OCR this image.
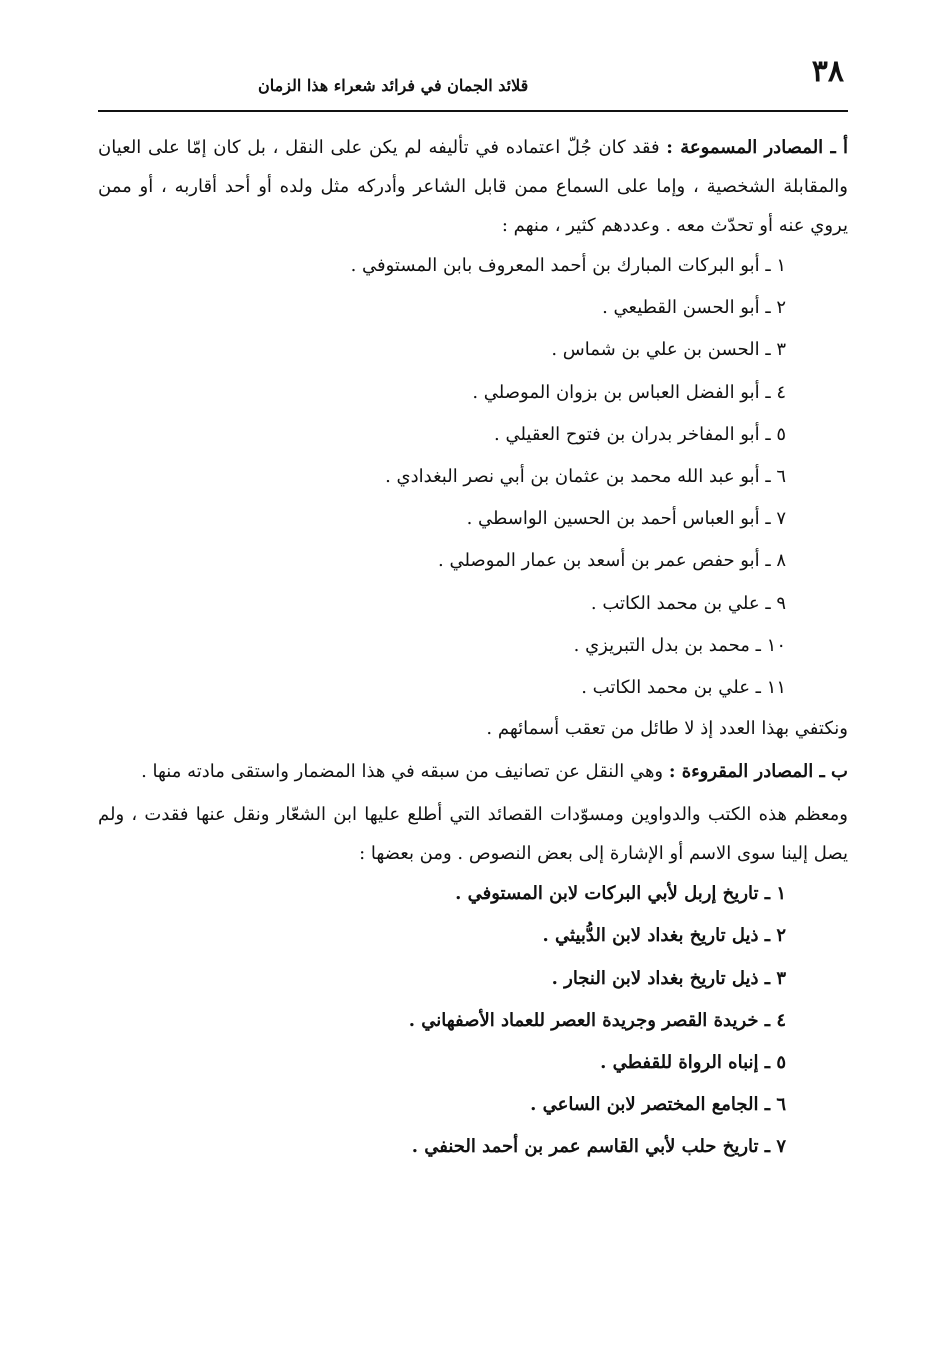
٣٨
قلائد الجمان في فرائد شعراء هذا الزمان

أ ـ المصادر المسموعة : فقد كان جُلّ اعتماده في تأليفه لم يكن على النقل ، بل كان إمّا على العيان والمقابلة الشخصية ، وإما على السماع ممن قابل الشاعر وأدركه مثل ولده أو أحد أقاربه ، أو ممن يروي عنه أو تحدّث معه . وعددهم كثير ، منهم :

١ ـ أبو البركات المبارك بن أحمد المعروف بابن المستوفي .
٢ ـ أبو الحسن القطيعي .
٣ ـ الحسن بن علي بن شماس .
٤ ـ أبو الفضل العباس بن بزوان الموصلي .
٥ ـ أبو المفاخر بدران بن فتوح العقيلي .
٦ ـ أبو عبد الله محمد بن عثمان بن أبي نصر البغدادي .
٧ ـ أبو العباس أحمد بن الحسين الواسطي .
٨ ـ أبو حفص عمر بن أسعد بن عمار الموصلي .
٩ ـ علي بن محمد الكاتب .
١٠ ـ محمد بن بدل التبريزي .
١١ ـ علي بن محمد الكاتب .

ونكتفي بهذا العدد إذ لا طائل من تعقب أسمائهم .

ب ـ المصادر المقروءة : وهي النقل عن تصانيف من سبقه في هذا المضمار واستقى مادته منها .

ومعظم هذه الكتب والدواوين ومسوّدات القصائد التي أطلع عليها ابن الشعّار ونقل عنها فقدت ، ولم يصل إلينا سوى الاسم أو الإشارة إلى بعض النصوص . ومن بعضها :

١ ـ تاريخ إربل لأبي البركات لابن المستوفي .
٢ ـ ذيل تاريخ بغداد لابن الدُّبيثي .
٣ ـ ذيل تاريخ بغداد لابن النجار .
٤ ـ خريدة القصر وجريدة العصر للعماد الأصفهاني .
٥ ـ إنباه الرواة للقفطي .
٦ ـ الجامع المختصر لابن الساعي .
٧ ـ تاريخ حلب لأبي القاسم عمر بن أحمد الحنفي .
